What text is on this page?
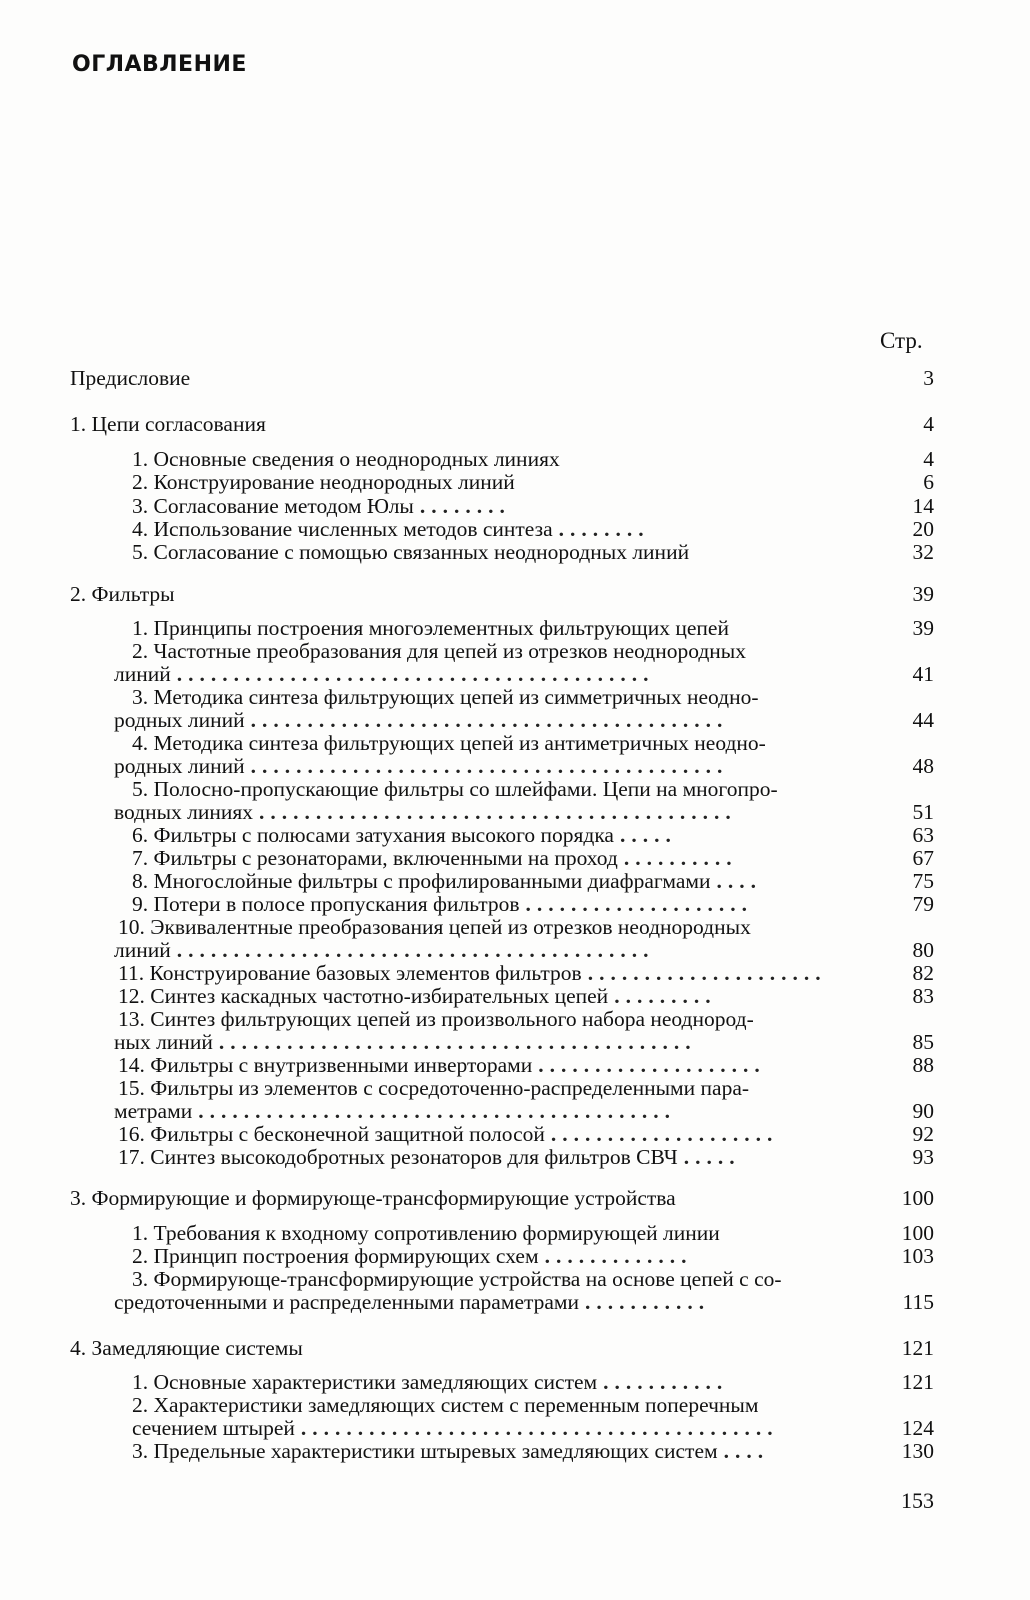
ОГЛАВЛЕНИЕ
Стр.
Предисловие	3
1. Цепи согласования	4
1. Основные сведения о неоднородных линиях	4
2. Конструирование неоднородных линий	6
3. Согласование методом Юлы ........	14
4. Использование численных методов синтеза ........	20
5. Согласование с помощью связанных неоднородных линий	32
2. Фильтры	39
1. Принципы построения многоэлементных фильтрующих цепей	39
2. Частотные преобразования для цепей из отрезков неоднородных
линий ..........................................	41
3. Методика синтеза фильтрующих цепей из симметричных неодно-
родных линий ..........................................	44
4. Методика синтеза фильтрующих цепей из антиметричных неодно-
родных линий ..........................................	48
5. Полосно-пропускающие фильтры со шлейфами. Цепи на многопро-
водных линиях ..........................................	51
6. Фильтры с полюсами затухания высокого порядка .....	63
7. Фильтры с резонаторами, включенными на проход ..........	67
8. Многослойные фильтры с профилированными диафрагмами ....	75
9. Потери в полосе пропускания фильтров ....................	79
10. Эквивалентные преобразования цепей из отрезков неоднородных
линий ..........................................	80
11. Конструирование базовых элементов фильтров .....................	82
12. Синтез каскадных частотно-избирательных цепей .........	83
13. Синтез фильтрующих цепей из произвольного набора неоднород-
ных линий ..........................................	85
14. Фильтры с внутризвенными инверторами ....................	88
15. Фильтры из элементов с сосредоточенно-распределенными пара-
метрами ..........................................	90
16. Фильтры с бесконечной защитной полосой ....................	92
17. Синтез высокодобротных резонаторов для фильтров СВЧ .....	93
3. Формирующие и формирующе-трансформирующие устройства	100
1. Требования к входному сопротивлению формирующей линии	100
2. Принцип построения формирующих схем .............	103
3. Формирующе-трансформирующие устройства на основе цепей с со-
средоточенными и распределенными параметрами ...........	115
4. Замедляющие системы	121
1. Основные характеристики замедляющих систем ...........	121
2. Характеристики замедляющих систем с переменным поперечным
сечением штырей ..........................................	124
3. Предельные характеристики штыревых замедляющих систем ....	130
153
